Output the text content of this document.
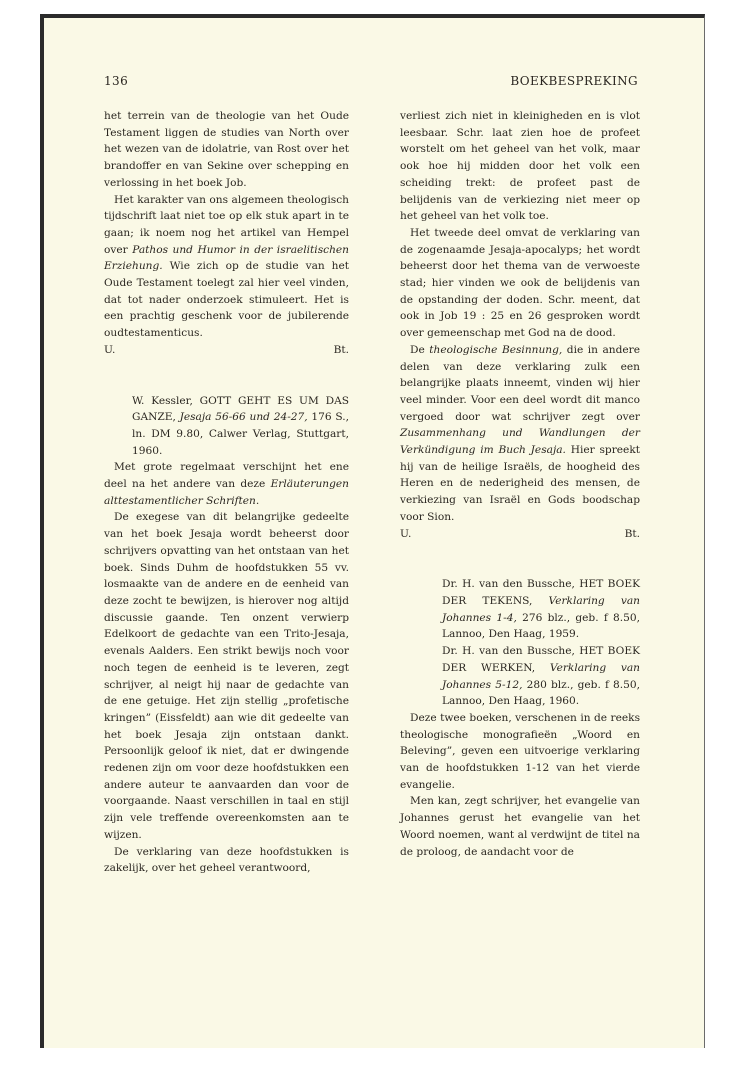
136	BOEKBESPREKING

het terrein van de theologie van het Oude Testament liggen de studies van North over het wezen van de idolatrie, van Rost over het brandoffer en van Sekine over schepping en verlossing in het boek Job.

Het karakter van ons algemeen theologisch tijdschrift laat niet toe op elk stuk apart in te gaan; ik noem nog het artikel van Hempel over Pathos und Humor in der israelitischen Erziehung. Wie zich op de studie van het Oude Testament toelegt zal hier veel vinden, dat tot nader onderzoek stimuleert. Het is een prachtig geschenk voor de jubilerende oudtestamenticus.

U.	Bt.

W. Kessler, GOTT GEHT ES UM DAS GANZE, Jesaja 56-66 und 24-27, 176 S., ln. DM 9.80, Calwer Verlag, Stuttgart, 1960.

Met grote regelmaat verschijnt het ene deel na het andere van deze Erläuterungen alttestamentlicher Schriften.

De exegese van dit belangrijke gedeelte van het boek Jesaja wordt beheerst door schrijvers opvatting van het ontstaan van het boek. Sinds Duhm de hoofdstukken 55 vv. losmaakte van de andere en de eenheid van deze zocht te bewijzen, is hierover nog altijd discussie gaande. Ten onzent verwierp Edelkoort de gedachte van een Trito-Jesaja, evenals Aalders. Een strikt bewijs noch voor noch tegen de eenheid is te leveren, zegt schrijver, al neigt hij naar de gedachte van de ene getuige. Het zijn stellig „profetische kringen” (Eissfeldt) aan wie dit gedeelte van het boek Jesaja zijn ontstaan dankt. Persoonlijk geloof ik niet, dat er dwingende redenen zijn om voor deze hoofdstukken een andere auteur te aanvaarden dan voor de voorgaande. Naast verschillen in taal en stijl zijn vele treffende overeenkomsten aan te wijzen.

De verklaring van deze hoofdstukken is zakelijk, over het geheel verantwoord,

verliest zich niet in kleinigheden en is vlot leesbaar. Schr. laat zien hoe de profeet worstelt om het geheel van het volk, maar ook hoe hij midden door het volk een scheiding trekt: de profeet past de belijdenis van de verkiezing niet meer op het geheel van het volk toe.

Het tweede deel omvat de verklaring van de zogenaamde Jesaja-apocalyps; het wordt beheerst door het thema van de verwoeste stad; hier vinden we ook de belijdenis van de opstanding der doden. Schr. meent, dat ook in Job 19 : 25 en 26 gesproken wordt over gemeenschap met God na de dood.

De theologische Besinnung, die in andere delen van deze verklaring zulk een belangrijke plaats inneemt, vinden wij hier veel minder. Voor een deel wordt dit manco vergoed door wat schrijver zegt over Zusammenhang und Wandlungen der Verkündigung im Buch Jesaja. Hier spreekt hij van de heilige Israëls, de hoogheid des Heren en de nederigheid des mensen, de verkiezing van Israël en Gods boodschap voor Sion.

U.	Bt.

Dr. H. van den Bussche, HET BOEK DER TEKENS, Verklaring van Johannes 1-4, 276 blz., geb. f 8.50, Lannoo, Den Haag, 1959.

Dr. H. van den Bussche, HET BOEK DER WERKEN, Verklaring van Johannes 5-12, 280 blz., geb. f 8.50, Lannoo, Den Haag, 1960.

Deze twee boeken, verschenen in de reeks theologische monografieën „Woord en Beleving”, geven een uitvoerige verklaring van de hoofdstukken 1-12 van het vierde evangelie.

Men kan, zegt schrijver, het evangelie van Johannes gerust het evangelie van het Woord noemen, want al verdwijnt de titel na de proloog, de aandacht voor de
